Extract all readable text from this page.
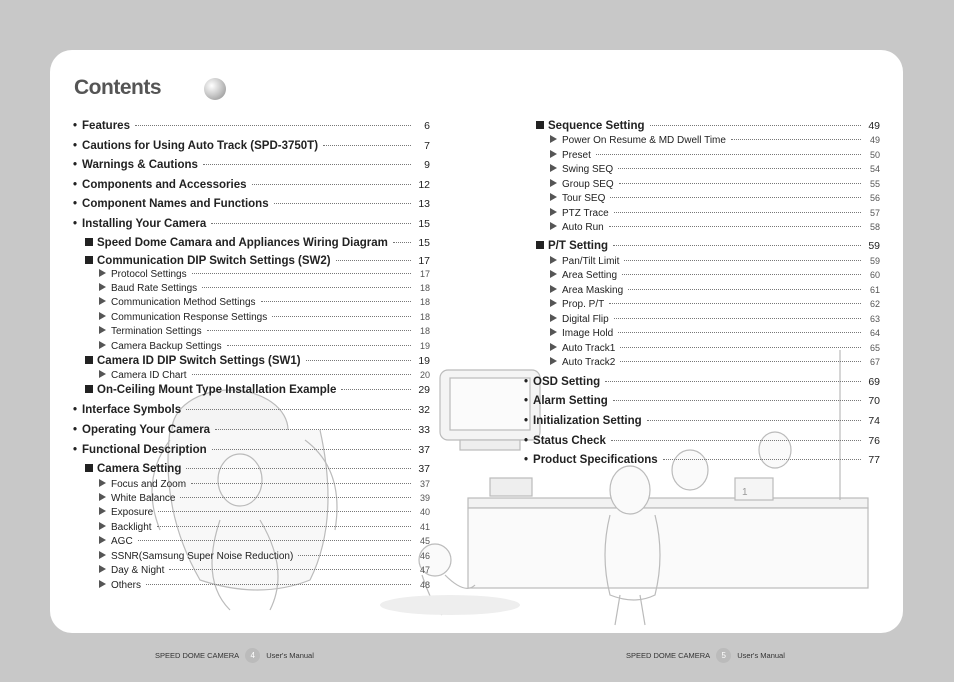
1
Contents
• Features	6
• Cautions for Using Auto Track (SPD-3750T)	7
• Warnings & Cautions	9
• Components and Accessories	12
• Component Names and Functions	13
• Installing Your Camera	15
Speed Dome Camara and Appliances Wiring Diagram	15
Communication DIP Switch Settings (SW2)	17
Protocol Settings	17
Baud Rate Settings	18
Communication Method Settings	18
Communication Response Settings	18
Termination Settings	18
Camera Backup Settings	19
Camera ID DIP Switch Settings (SW1)	19
Camera ID Chart	20
On-Ceiling Mount Type Installation Example	29
• Interface Symbols	32
• Operating Your Camera	33
• Functional Description	37
Camera Setting	37
Focus and Zoom	37
White Balance	39
Exposure	40
Backlight	41
AGC	45
SSNR(Samsung Super Noise Reduction)	46
Day & Night	47
Others	48
Sequence Setting	49
Power On Resume & MD Dwell Time	49
Preset	50
Swing SEQ	54
Group SEQ	55
Tour SEQ	56
PTZ Trace	57
Auto Run	58
P/T Setting	59
Pan/Tilt Limit	59
Area Setting	60
Area Masking	61
Prop. P/T	62
Digital Flip	63
Image Hold	64
Auto Track1	65
Auto Track2	67
• OSD Setting	69
• Alarm Setting	70
• Initialization Setting	74
• Status Check	76
• Product Specifications	77
SPEED DOME CAMERA	4	User's Manual	SPEED DOME CAMERA	5	User's Manual
